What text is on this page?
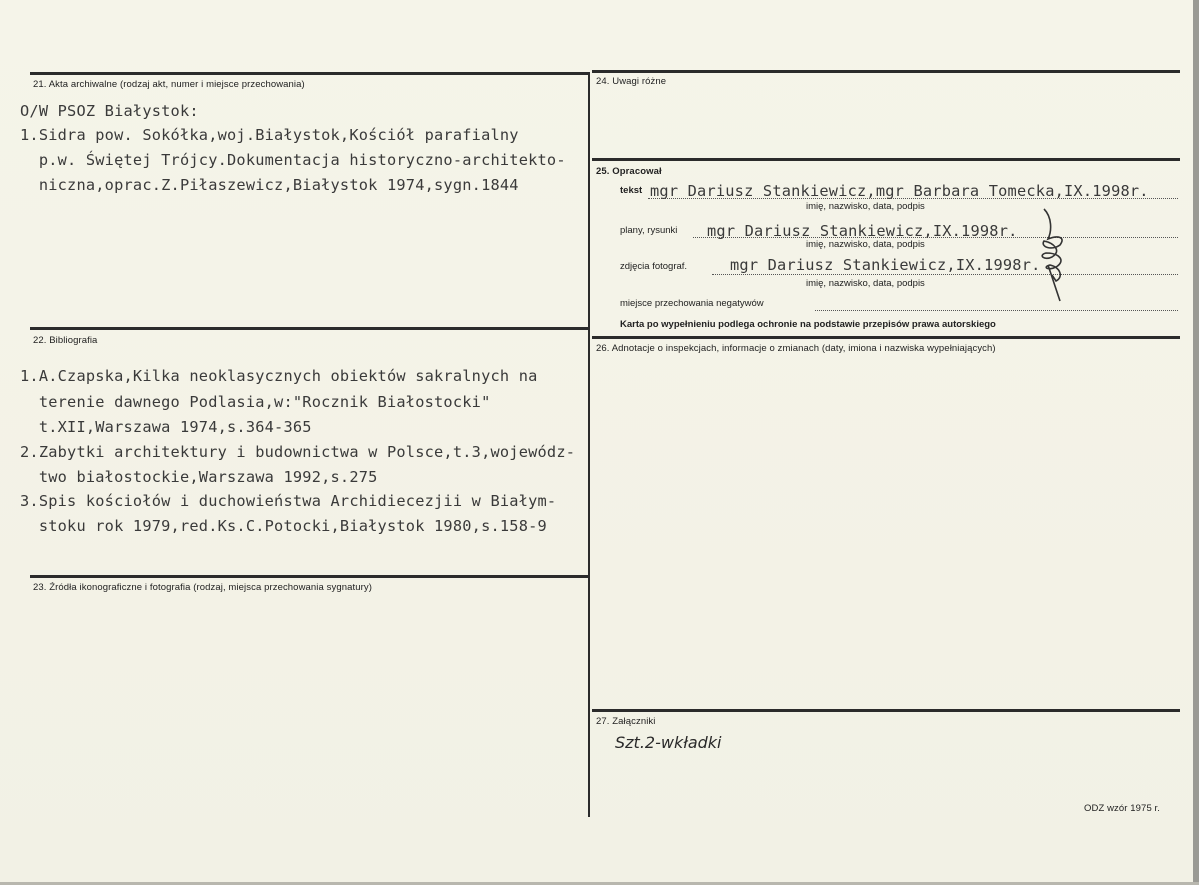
21. Akta archiwalne (rodzaj akt, numer i miejsce przechowania)
O/W PSOZ Białystok:
1.Sidra pow. Sokółka,woj.Białystok,Kościół parafialny
p.w. Świętej Trójcy.Dokumentacja historyczno-architekto-
niczna,oprac.Z.Piłaszewicz,Białystok 1974,sygn.1844
22. Bibliografia
1.A.Czapska,Kilka neoklasycznych obiektów sakralnych na
terenie dawnego Podlasia,w:"Rocznik Białostocki"
t.XII,Warszawa 1974,s.364-365
2.Zabytki architektury i budownictwa w Polsce,t.3,wojewódz-
two białostockie,Warszawa 1992,s.275
3.Spis kościołów i duchowieństwa Archidiecezjii w Białym-
stoku rok 1979,red.Ks.C.Potocki,Białystok 1980,s.158-9
23. Źródła ikonograficzne i fotografia (rodzaj, miejsca przechowania sygnatury)
24. Uwagi różne
25. Opracował
tekst mgr Dariusz Stankiewicz,mgr Barbara Tomecka,IX.1998r.
imię, nazwisko, data, podpis
plany, rysunki mgr Dariusz Stankiewicz,IX.1998r.
imię, nazwisko, data, podpis
zdjęcia fotograf.	mgr Dariusz Stankiewicz,IX.1998r.
imię, nazwisko, data, podpis
miejsce przechowania negatywów
Karta po wypełnieniu podlega ochronie na podstawie przepisów prawa autorskiego
26. Adnotacje o inspekcjach, informacje o zmianach (daty, imiona i nazwiska wypełniających)
27. Załączniki
Szt.2-wkładki
ODZ wzór 1975 r.
